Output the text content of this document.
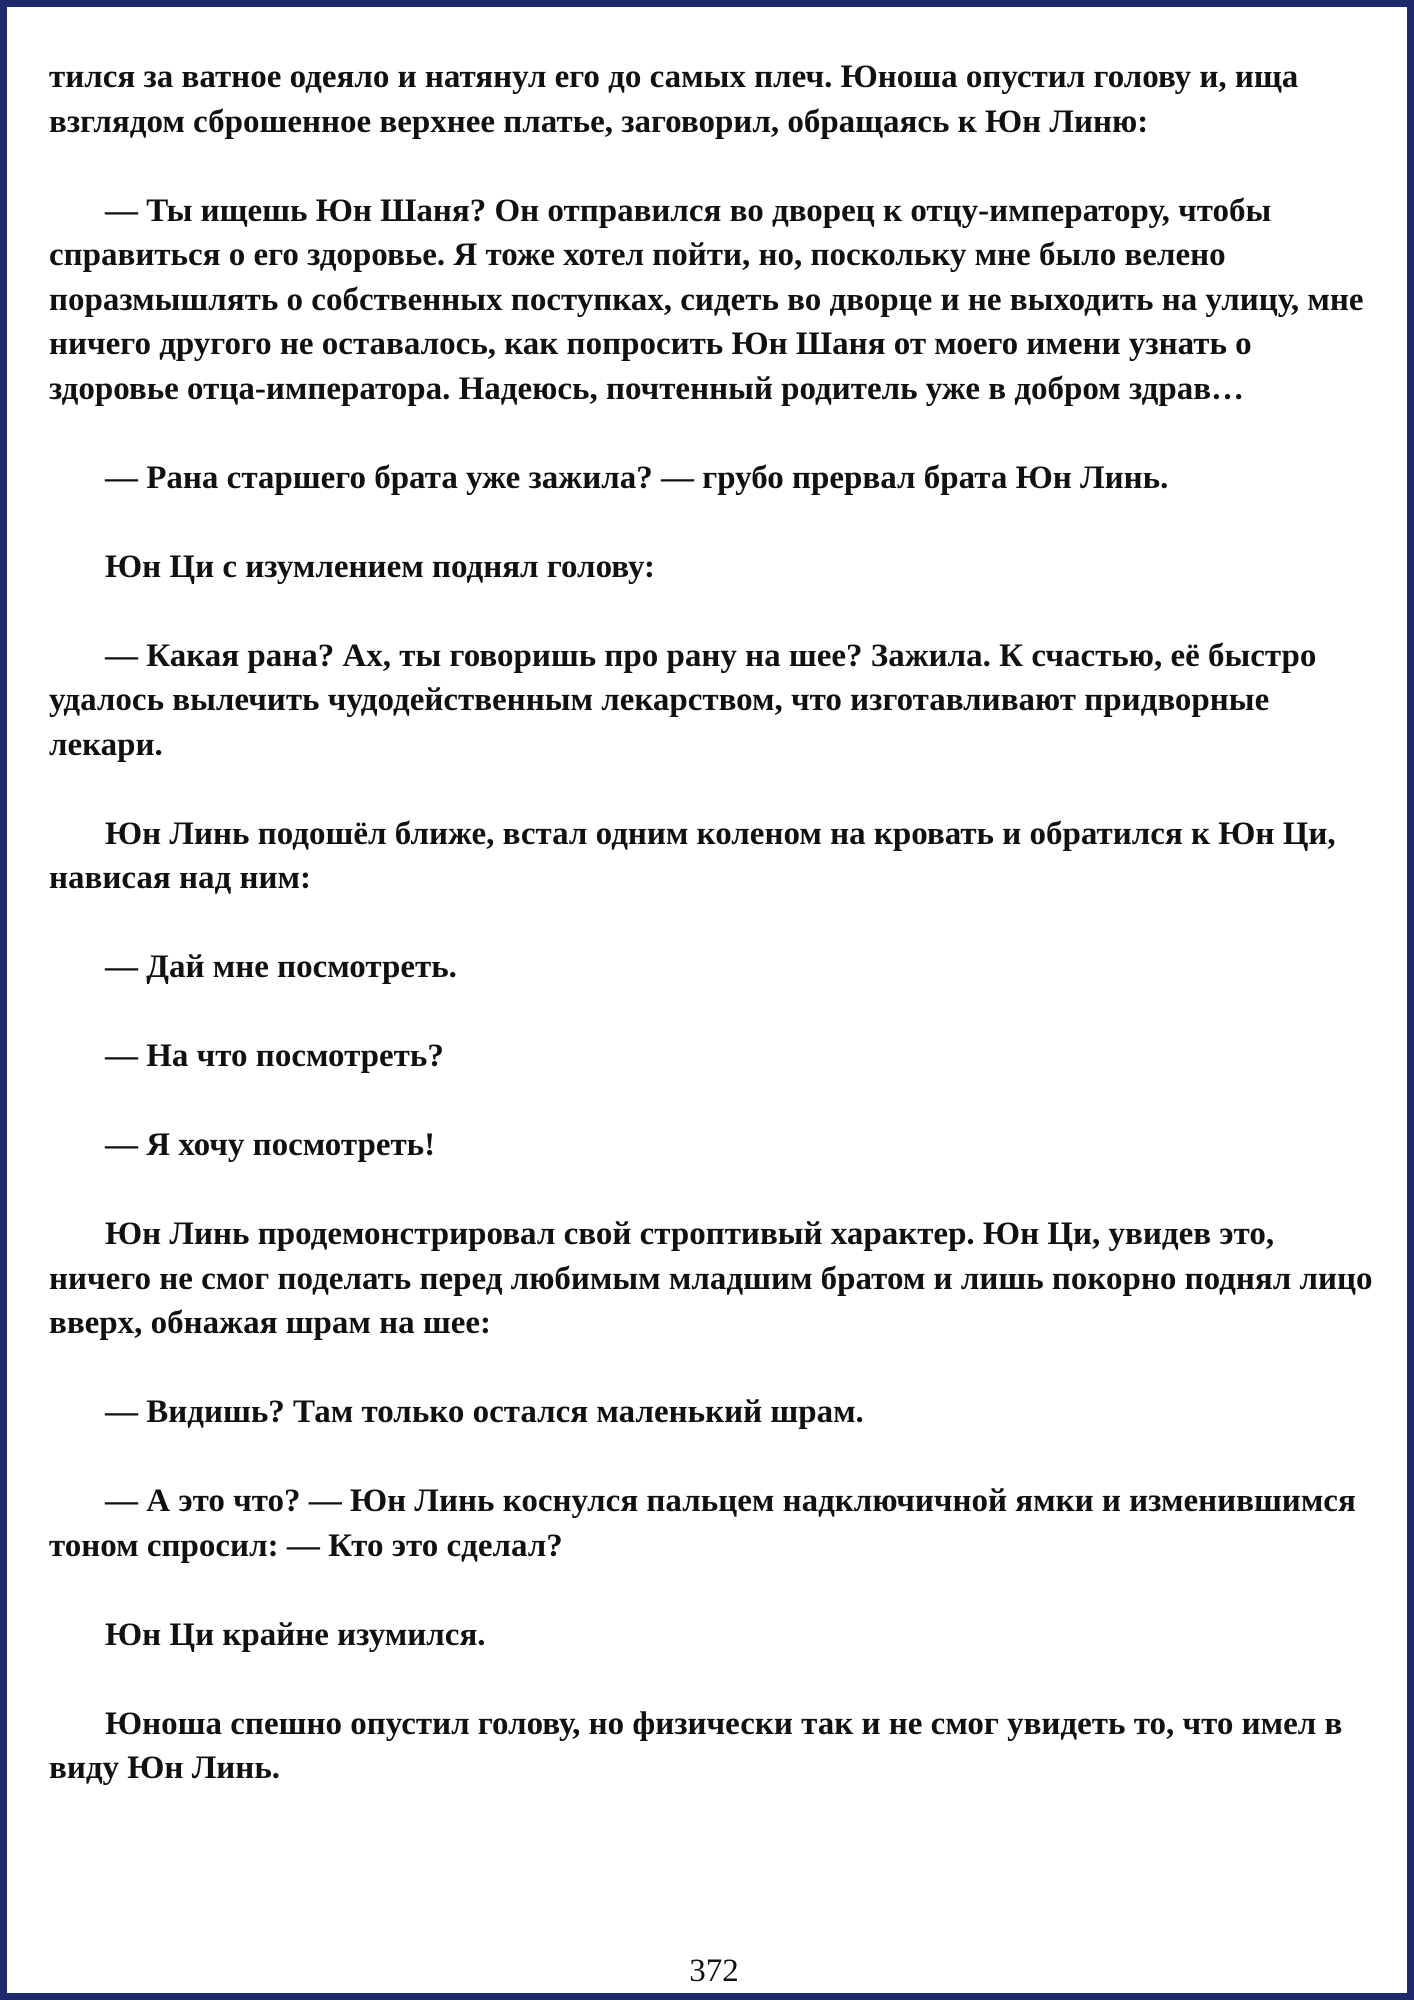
тился за ватное одеяло и натянул его до самых плеч. Юноша опустил голову и, ища взглядом сброшенное верхнее платье, заговорил, обращаясь к Юн Линю:

— Ты ищешь Юн Шаня? Он отправился во дворец к отцу-императору, чтобы справиться о его здоровье. Я тоже хотел пойти, но, поскольку мне было велено поразмышлять о собственных поступках, сидеть во дворце и не выходить на улицу, мне ничего другого не оставалось, как попросить Юн Шаня от моего имени узнать о здоровье отца-императора. Надеюсь, почтенный родитель уже в добром здрав…

— Рана старшего брата уже зажила? — грубо прервал брата Юн Линь.

Юн Ци с изумлением поднял голову:

— Какая рана? Ах, ты говоришь про рану на шее? Зажила. К счастью, её быстро удалось вылечить чудодейственным лекарством, что изготавливают придворные лекари.

Юн Линь подошёл ближе, встал одним коленом на кровать и обратился к Юн Ци, нависая над ним:

— Дай мне посмотреть.

— На что посмотреть?

— Я хочу посмотреть!

Юн Линь продемонстрировал свой строптивый характер. Юн Ци, увидев это, ничего не смог поделать перед любимым младшим братом и лишь покорно поднял лицо вверх, обнажая шрам на шее:

— Видишь? Там только остался маленький шрам.

— А это что? — Юн Линь коснулся пальцем надключичной ямки и изменившимся тоном спросил: — Кто это сделал?

Юн Ци крайне изумился.

Юноша спешно опустил голову, но физически так и не смог увидеть то, что имел в виду Юн Линь.

372
